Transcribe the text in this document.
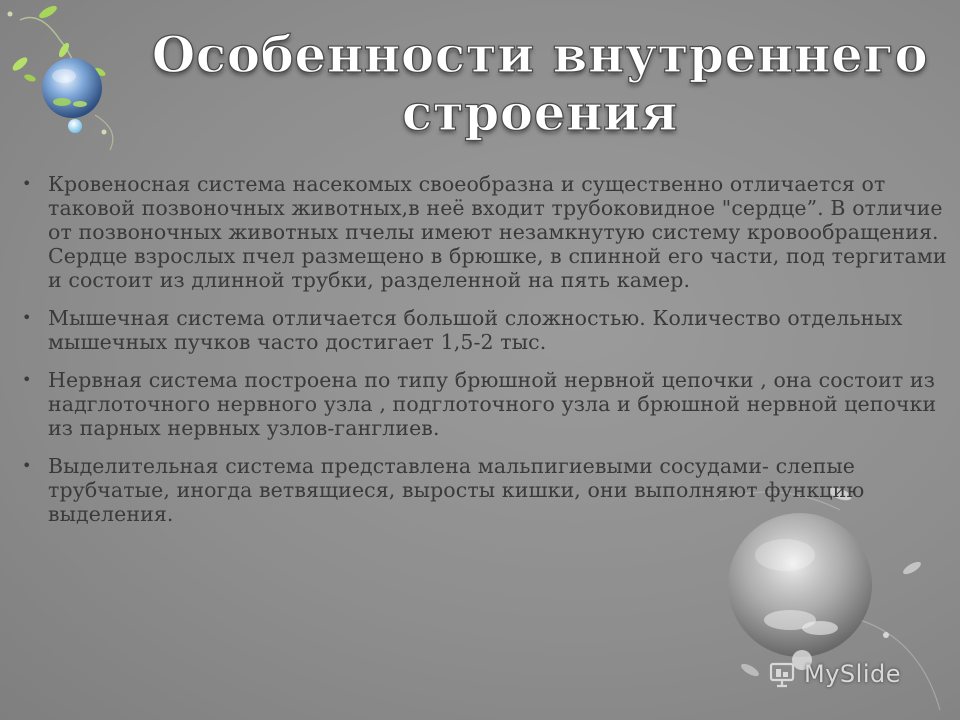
Особенности внутреннего
строения
• Кровеносная система насекомых своеобразна и существенно отличается от таковой позвоночных животных,в неё входит трубоковидное "сердце”. В отличие от позвоночных животных пчелы имеют незамкнутую систему кровообращения. Сердце взрослых пчел размещено в брюшке, в спинной его части, под тергитами и состоит из длинной трубки, разделенной на пять камер.
• Мышечная система отличается большой сложностью. Количество отдельных мышечных пучков часто достигает 1,5-2 тыс.
• Нервная система построена по типу брюшной нервной цепочки , она состоит из надглоточного нервного узла , подглоточного узла и брюшной нервной цепочки из парных нервных узлов-ганглиев.
• Выделительная система представлена мальпигиевыми сосудами- слепые трубчатые, иногда ветвящиеся, выросты кишки, они выполняют функцию выделения.
MySlide
